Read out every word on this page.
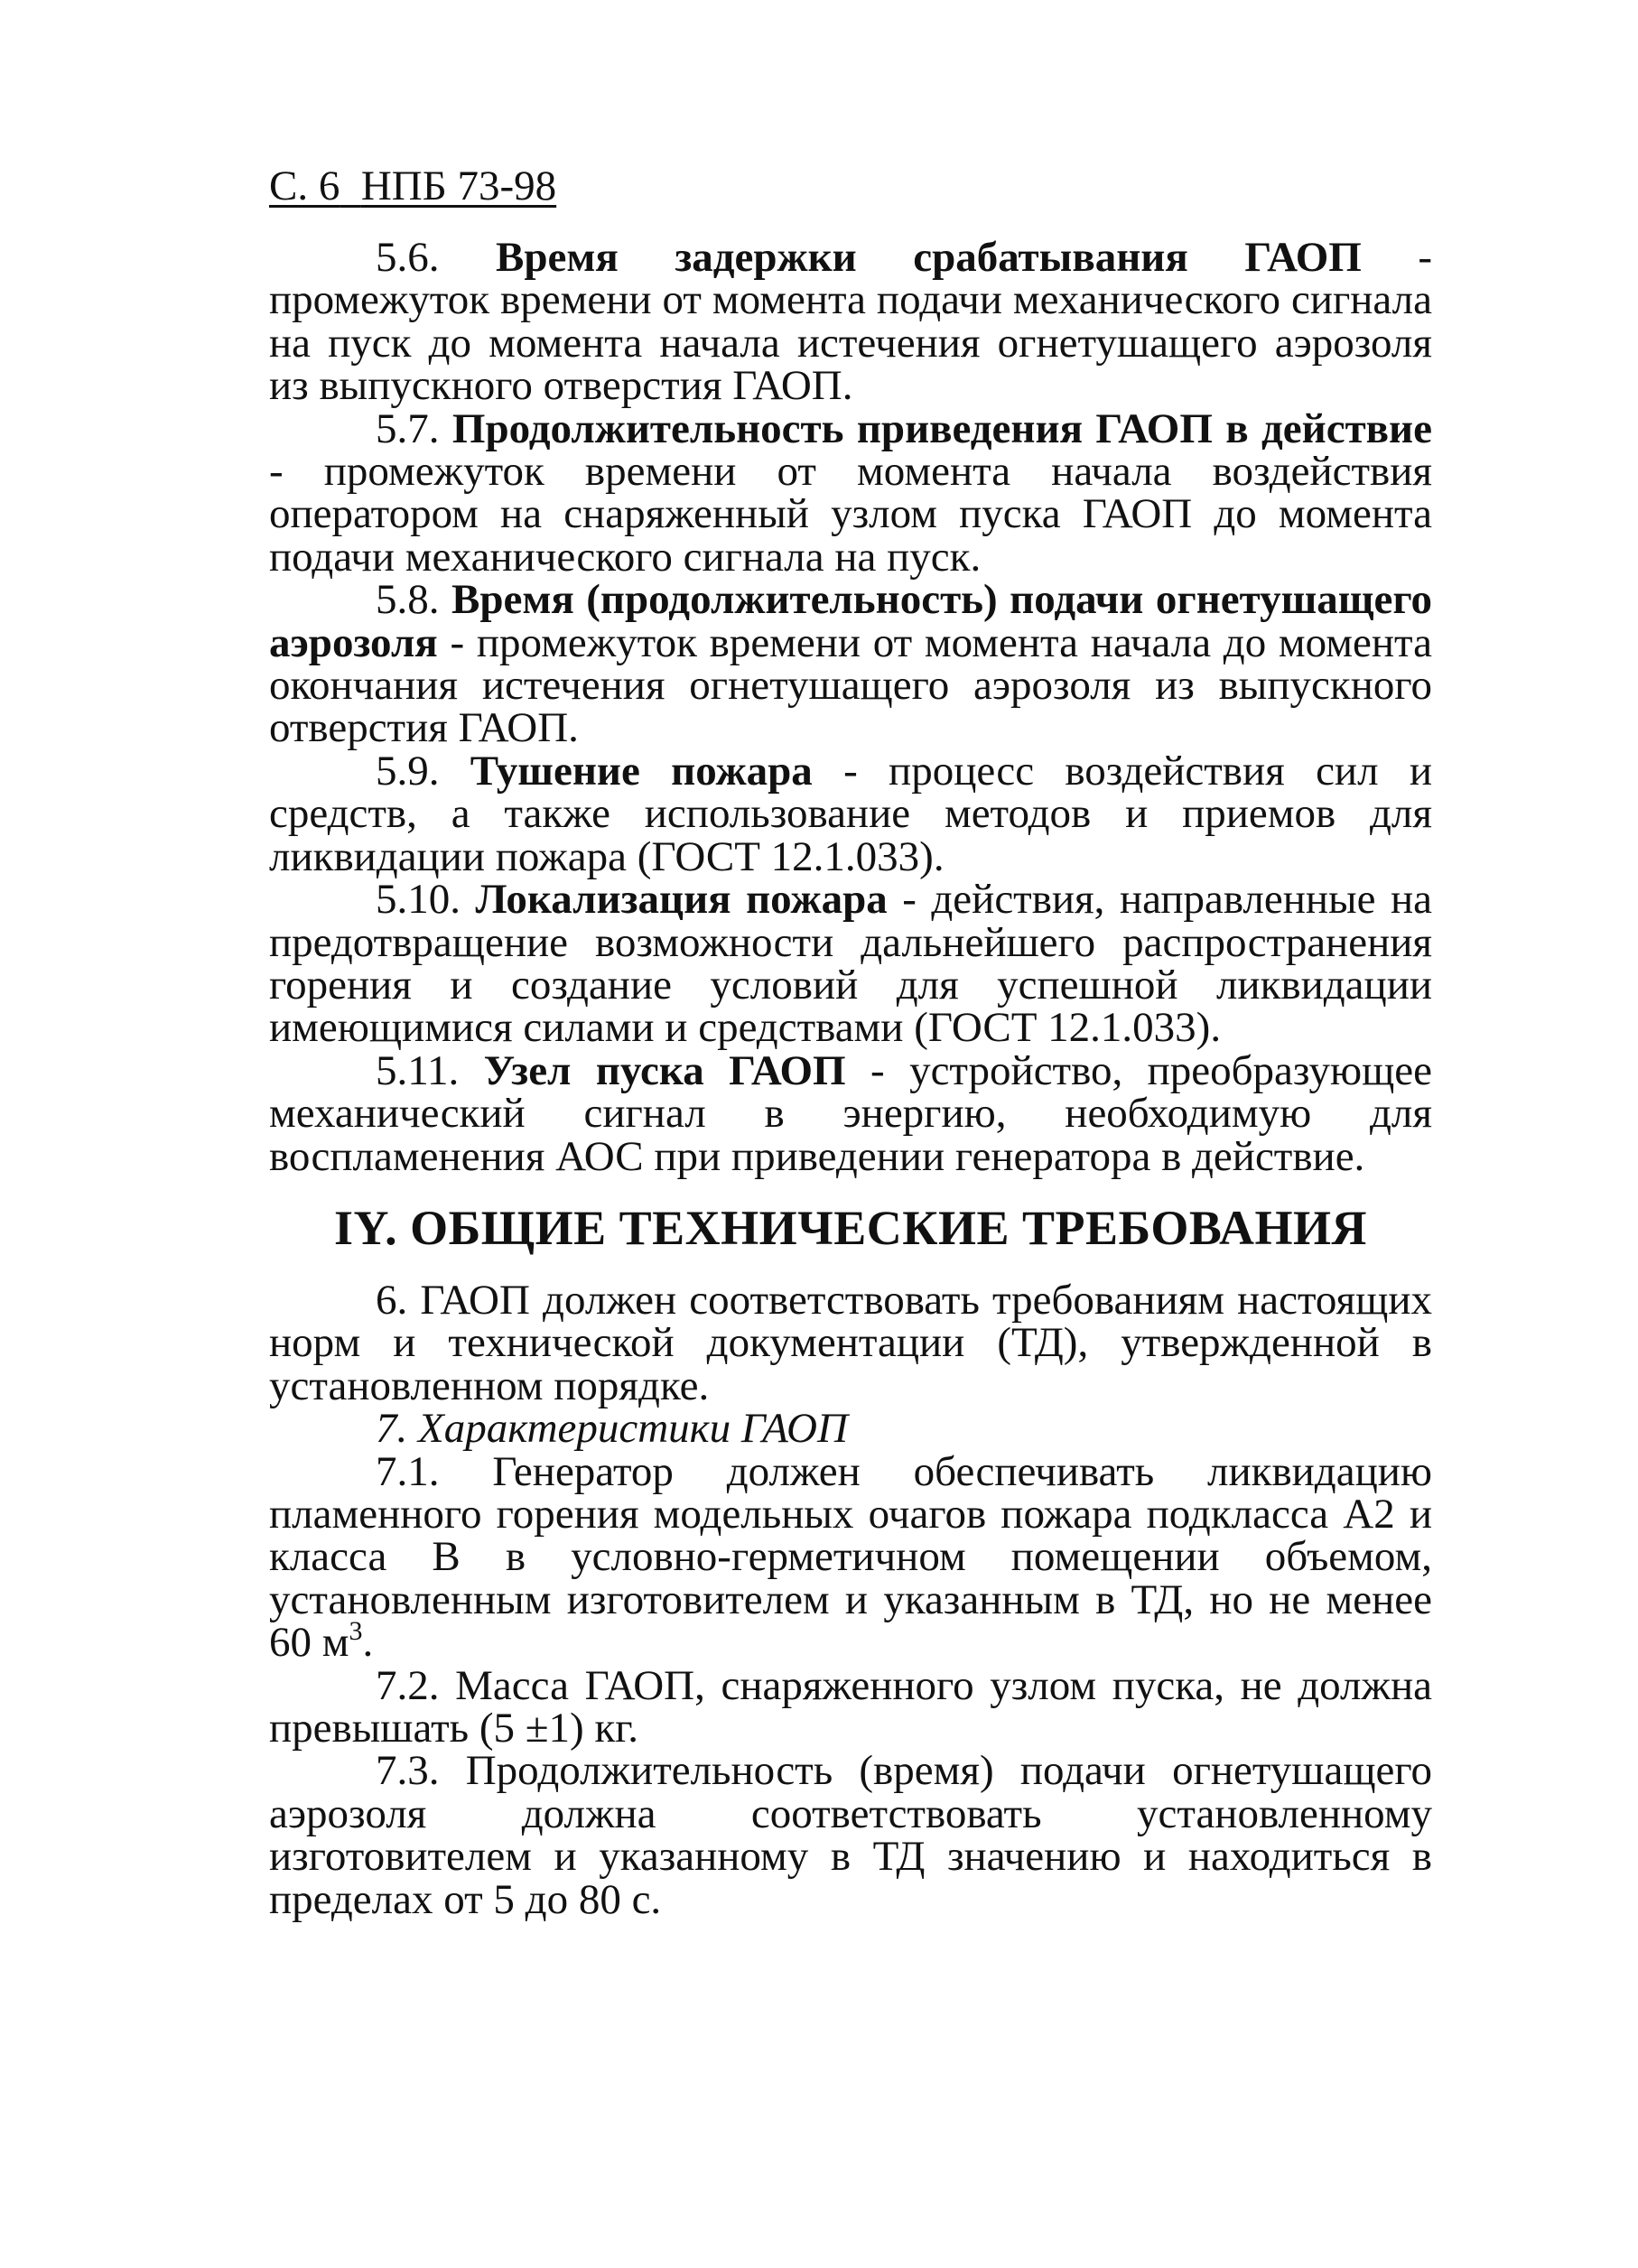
С. 6 НПБ 73-98

5.6. Время задержки срабатывания ГАОП - промежуток времени от момента подачи механического сигнала на пуск до момента начала истечения огнетушащего аэрозоля из выпускного отверстия ГАОП.

5.7. Продолжительность приведения ГАОП в действие - промежуток времени от момента начала воздействия оператором на снаряженный узлом пуска ГАОП до момента подачи механического сигнала на пуск.

5.8. Время (продолжительность) подачи огнетушащего аэрозоля - промежуток времени от момента начала до момента окончания истечения огнетушащего аэрозоля из выпускного отверстия ГАОП.

5.9. Тушение пожара - процесс воздействия сил и средств, а также использование методов и приемов для ликвидации пожара (ГОСТ 12.1.033).

5.10. Локализация пожара - действия, направленные на предотвращение возможности дальнейшего распространения горения и создание условий для успешной ликвидации имеющимися силами и средствами (ГОСТ 12.1.033).

5.11. Узел пуска ГАОП - устройство, преобразующее механический сигнал в энергию, необходимую для воспламенения АОС при приведении генератора в действие.

IY. ОБЩИЕ ТЕХНИЧЕСКИЕ ТРЕБОВАНИЯ

6. ГАОП должен соответствовать требованиям настоящих норм и технической документации (ТД), утвержденной в установленном порядке.

7. Характеристики ГАОП

7.1. Генератор должен обеспечивать ликвидацию пламенного горения модельных очагов пожара подкласса А2 и класса В в условно-герметичном помещении объемом, установленным изготовителем и указанным в ТД, но не менее 60 $м^3$.

7.2. Масса ГАОП, снаряженного узлом пуска, не должна превышать (5 ±1) кг.

7.3. Продолжительность (время) подачи огнетушащего аэрозоля должна соответствовать установленному изготовителем и указанному в ТД значению и находиться в пределах от 5 до 80 с.
